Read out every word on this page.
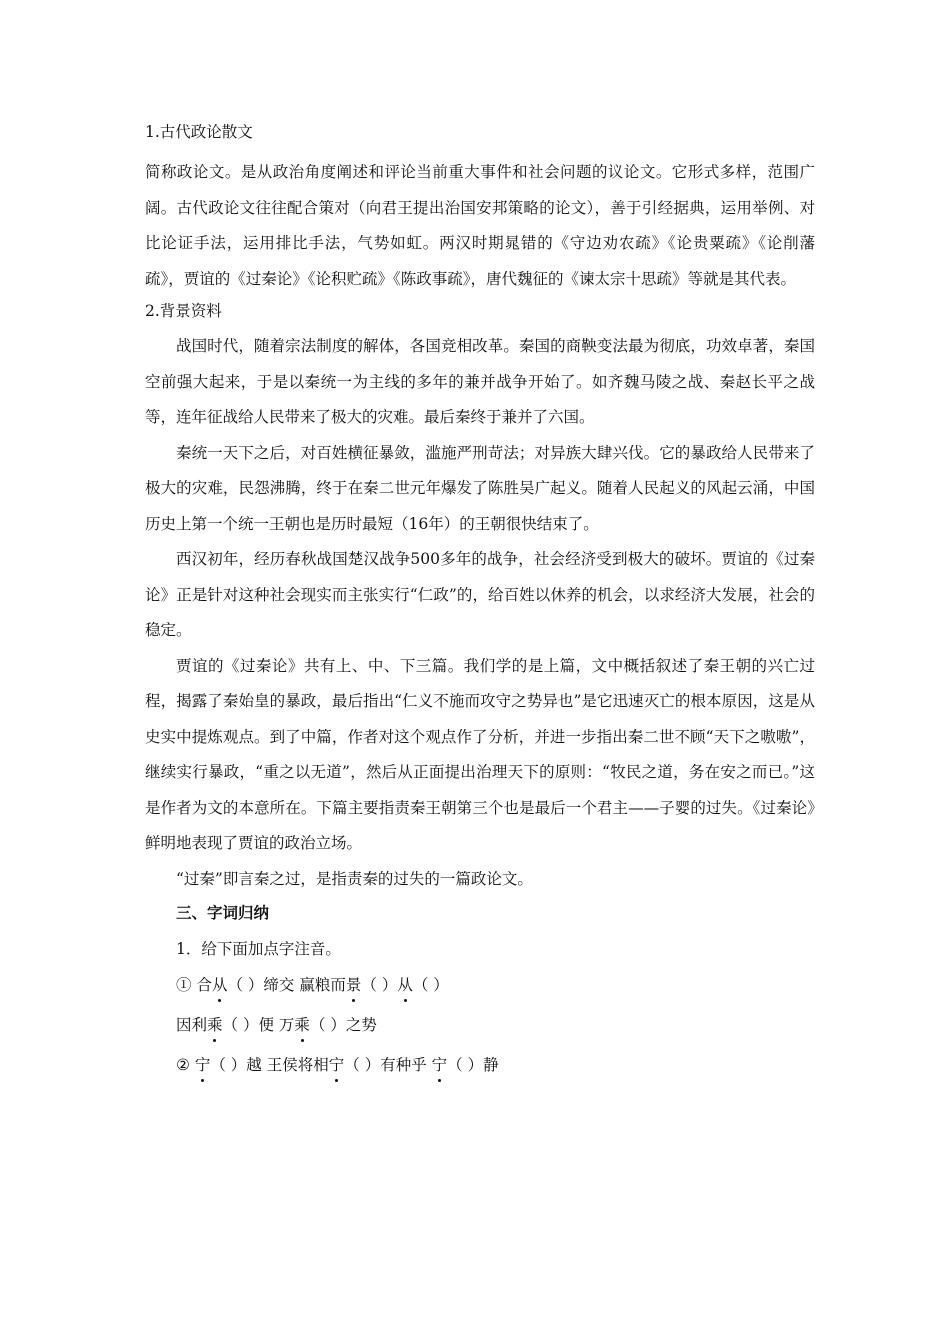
1.古代政论散文

简称政论文。是从政治角度阐述和评论当前重大事件和社会问题的议论文。它形式多样，范围广阔。古代政论文往往配合策对（向君王提出治国安邦策略的论文），善于引经据典，运用举例、对比论证手法，运用排比手法，气势如虹。两汉时期晁错的《守边劝农疏》《论贵粟疏》《论削藩疏》，贾谊的《过秦论》《论积贮疏》《陈政事疏》，唐代魏征的《谏太宗十思疏》等就是其代表。

2.背景资料

战国时代，随着宗法制度的解体，各国竞相改革。秦国的商鞅变法最为彻底，功效卓著，秦国空前强大起来，于是以秦统一为主线的多年的兼并战争开始了。如齐魏马陵之战、秦赵长平之战等，连年征战给人民带来了极大的灾难。最后秦终于兼并了六国。

秦统一天下之后，对百姓横征暴敛，滥施严刑苛法；对异族大肆兴伐。它的暴政给人民带来了极大的灾难，民怨沸腾，终于在秦二世元年爆发了陈胜吴广起义。随着人民起义的风起云涌，中国历史上第一个统一王朝也是历时最短（16年）的王朝很快结束了。

西汉初年，经历春秋战国楚汉战争500多年的战争，社会经济受到极大的破坏。贾谊的《过秦论》正是针对这种社会现实而主张实行“仁政”的，给百姓以休养的机会，以求经济大发展，社会的稳定。

贾谊的《过秦论》共有上、中、下三篇。我们学的是上篇，文中概括叙述了秦王朝的兴亡过程，揭露了秦始皇的暴政，最后指出“仁义不施而攻守之势异也”是它迅速灭亡的根本原因，这是从史实中提炼观点。到了中篇，作者对这个观点作了分析，并进一步指出秦二世不顾“天下之嗷嗷”，继续实行暴政，“重之以无道”，然后从正面提出治理天下的原则：“牧民之道，务在安之而已。”这是作者为文的本意所在。下篇主要指责秦王朝第三个也是最后一个君主——子婴的过失。《过秦论》鲜明地表现了贾谊的政治立场。

“过秦”即言秦之过，是指责秦的过失的一篇政论文。

三、字词归纳

1．给下面加点字注音。

① 合从（ ）缔交 赢粮而景（ ）从（ ）

因利乘（ ）便 万乘（ ）之势

② 宁（ ）越 王侯将相宁（ ）有种乎 宁（ ）静
